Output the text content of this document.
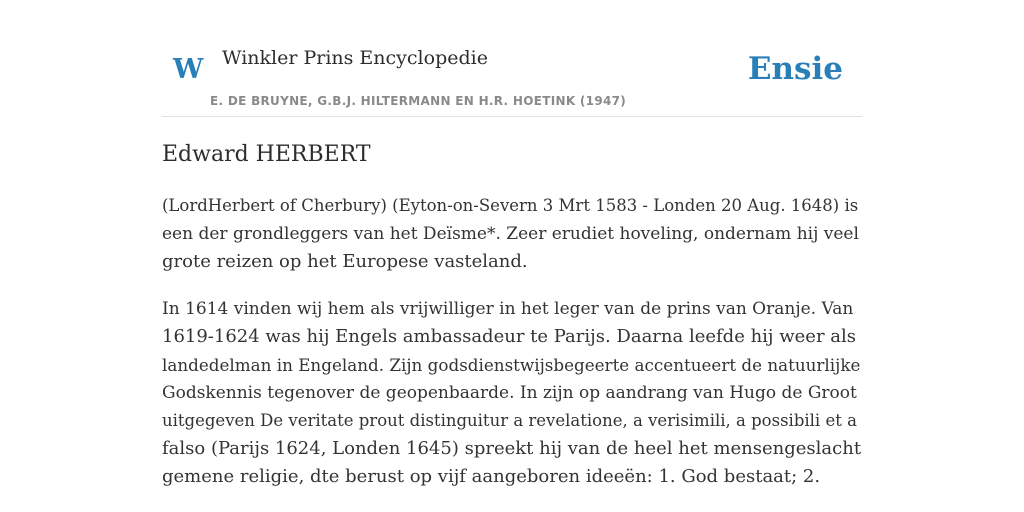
W Winkler Prins Encyclopedie
E. DE BRUYNE, G.B.J. HILTERMANN EN H.R. HOETINK (1947)
Ensie
Edward HERBERT

(LordHerbert of Cherbury) (Eyton-on-Severn 3 Mrt 1583 - Londen 20 Aug. 1648) is
een der grondleggers van het Deïsme*. Zeer erudiet hoveling, ondernam hij veel
grote reizen op het Europese vasteland.

In 1614 vinden wij hem als vrijwilliger in het leger van de prins van Oranje. Van
1619-1624 was hij Engels ambassadeur te Parijs. Daarna leefde hij weer als
landedelman in Engeland. Zijn godsdienstwijsbegeerte accentueert de natuurlijke
Godskennis tegenover de geopenbaarde. In zijn op aandrang van Hugo de Groot
uitgegeven De veritate prout distinguitur a revelatione, a verisimili, a possibili et a
falso (Parijs 1624, Londen 1645) spreekt hij van de heel het mensengeslacht
gemene religie, dte berust op vijf aangeboren ideeën: 1. God bestaat; 2.
